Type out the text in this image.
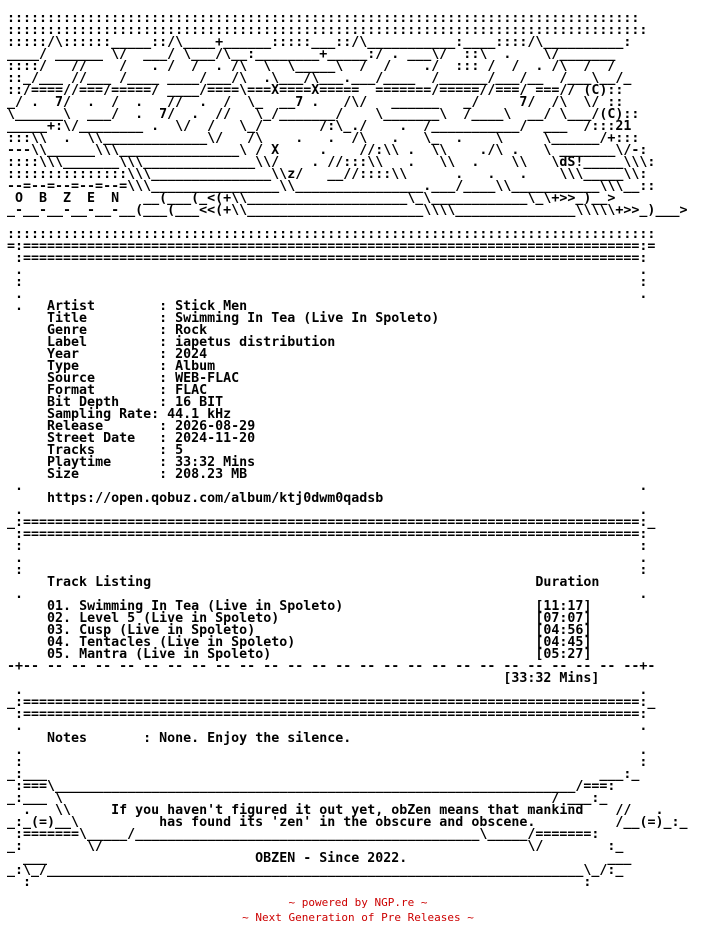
:::::::::::::::::::::::::::::::::::::::::::::::::::::::::::::::::::::::::::::::
::::::::::::::::::::::::::::::::::::::::::::::::::::::::::::::::::::::::::::::::
:::::/\::::::_____::/\____+______:::::___::/\___________:____::::/\__________:
____/ ______ \/  ___/ \___/\__:________+_____:/ . ___\/  ::\  .    \/_______
::::/   //    /   . /  /  . /\  \  \_____\  /  /    ./  ::: /  /  . /\  /  /
::_/___ //___ /____ ____/___/\  .\___/\___.___/____  /______/___/__  /___\__/_
::/====//===/=====/ ____/====\===X====X=====  =======/=====//===/ ===// (C)::
_/ .  7/  .  /  .   //  .  /  \_  __7 .   /\/   ______   _/     7/  /\  \/ ::
\______\  ___/  .  7/  .  //   \_/_______/    \_______\  /____\  __/ \___/(C)::
_____+:\/________ .  \/  /   \_/       /:\_./    .  /___________/  ___  /:::21
:::\\  .  \\_____________\/   /\    .   .  /\   .   \_  .    \     \______/+:::
---\\______\\\_______________\ / X     .    //:\\ .  \\    ./\ .   \ _______\/-:
::::\\\_______\\\______________\\/    . //:::\\   .   \\  .    \\   \dS!_____\\\:
:::::::::::::::\\\_______________\\z/   __//::::\\      .   .   .    \\\_____\\:
--=--=--=--=--=\\\________________\\________________.___/____\\___________\\\__::
O  B  Z  E  N   __(___(_<(+\\____________________\_\____________\_\+>>_)__>
_-__-__-__-__-__(___(___<<(+\\______________________\\\\_______________\\\\\+>>_)___>

:::::::::::::::::::::::::::::::::::::::::::::::::::::::::::::::::::::::::::::::::
=:=============================================================================:=
:=============================================================================:
.                                                                             .
:                                                                             :
.                                                                             .
.   Artist        : Stick Men
Title         : Swimming In Tea (Live In Spoleto)
Genre         : Rock
Label         : iapetus distribution
Year          : 2024
Type          : Album
Source        : WEB-FLAC
Format        : FLAC
Bit Depth     : 16 BIT
Sampling Rate: 44.1 kHz
Release       : 2026-08-29
Street Date   : 2024-11-20
Tracks        : 5
Playtime      : 33:32 Mins
Size          : 208.23 MB
.                                                                             .
https://open.qobuz.com/album/ktj0dwm0qadsb
.                                                                             .
_:=============================================================================:_
:=============================================================================:
:                                                                             :
.                                                                             .
:                                                                             :
Track Listing	Duration
.                                                                             .
01. Swimming In Tea (Live in Spoleto)	[11:17]
02. Level 5 (Live in Spoleto)	[07:07]
03. Cusp (Live in Spoleto)	[04:56]
04. Tentacles (Live in Spoleto)	[04:45]
05. Mantra (Live in Spoleto)	[05:27]
-+-- -- -- -- -- -- -- -- -- -- -- -- -- -- -- -- -- -- -- -- -- -- -- -- -- --+-
[33:32 Mins]
.                                                                             .
_:=============================================================================:_
:=============================================================================:
.                                                                             .
Notes       : None. Enjoy the silence.
.                                                                             .
:                                                                             :
_:___                                                                     ___:_
:===\_________________________________________________________________/===:
_:___ \                                                             / ___:_
.   \\     If you haven't figured it out yet, obZen means that mankind    //   .
_:_(=)__\          has found its 'zen' in the obscure and obscene.          /__(=)_:_
:=======\_____/___________________________________________\_____/=======:
_:        \/                                                     \/        :_
___                          OBZEN - Since 2022.                         ___
_:\_/___________________________________________________________________\_/:_
:                                                                     :
~ powered by NGP.re ~
~ Next Generation of Pre Releases ~
